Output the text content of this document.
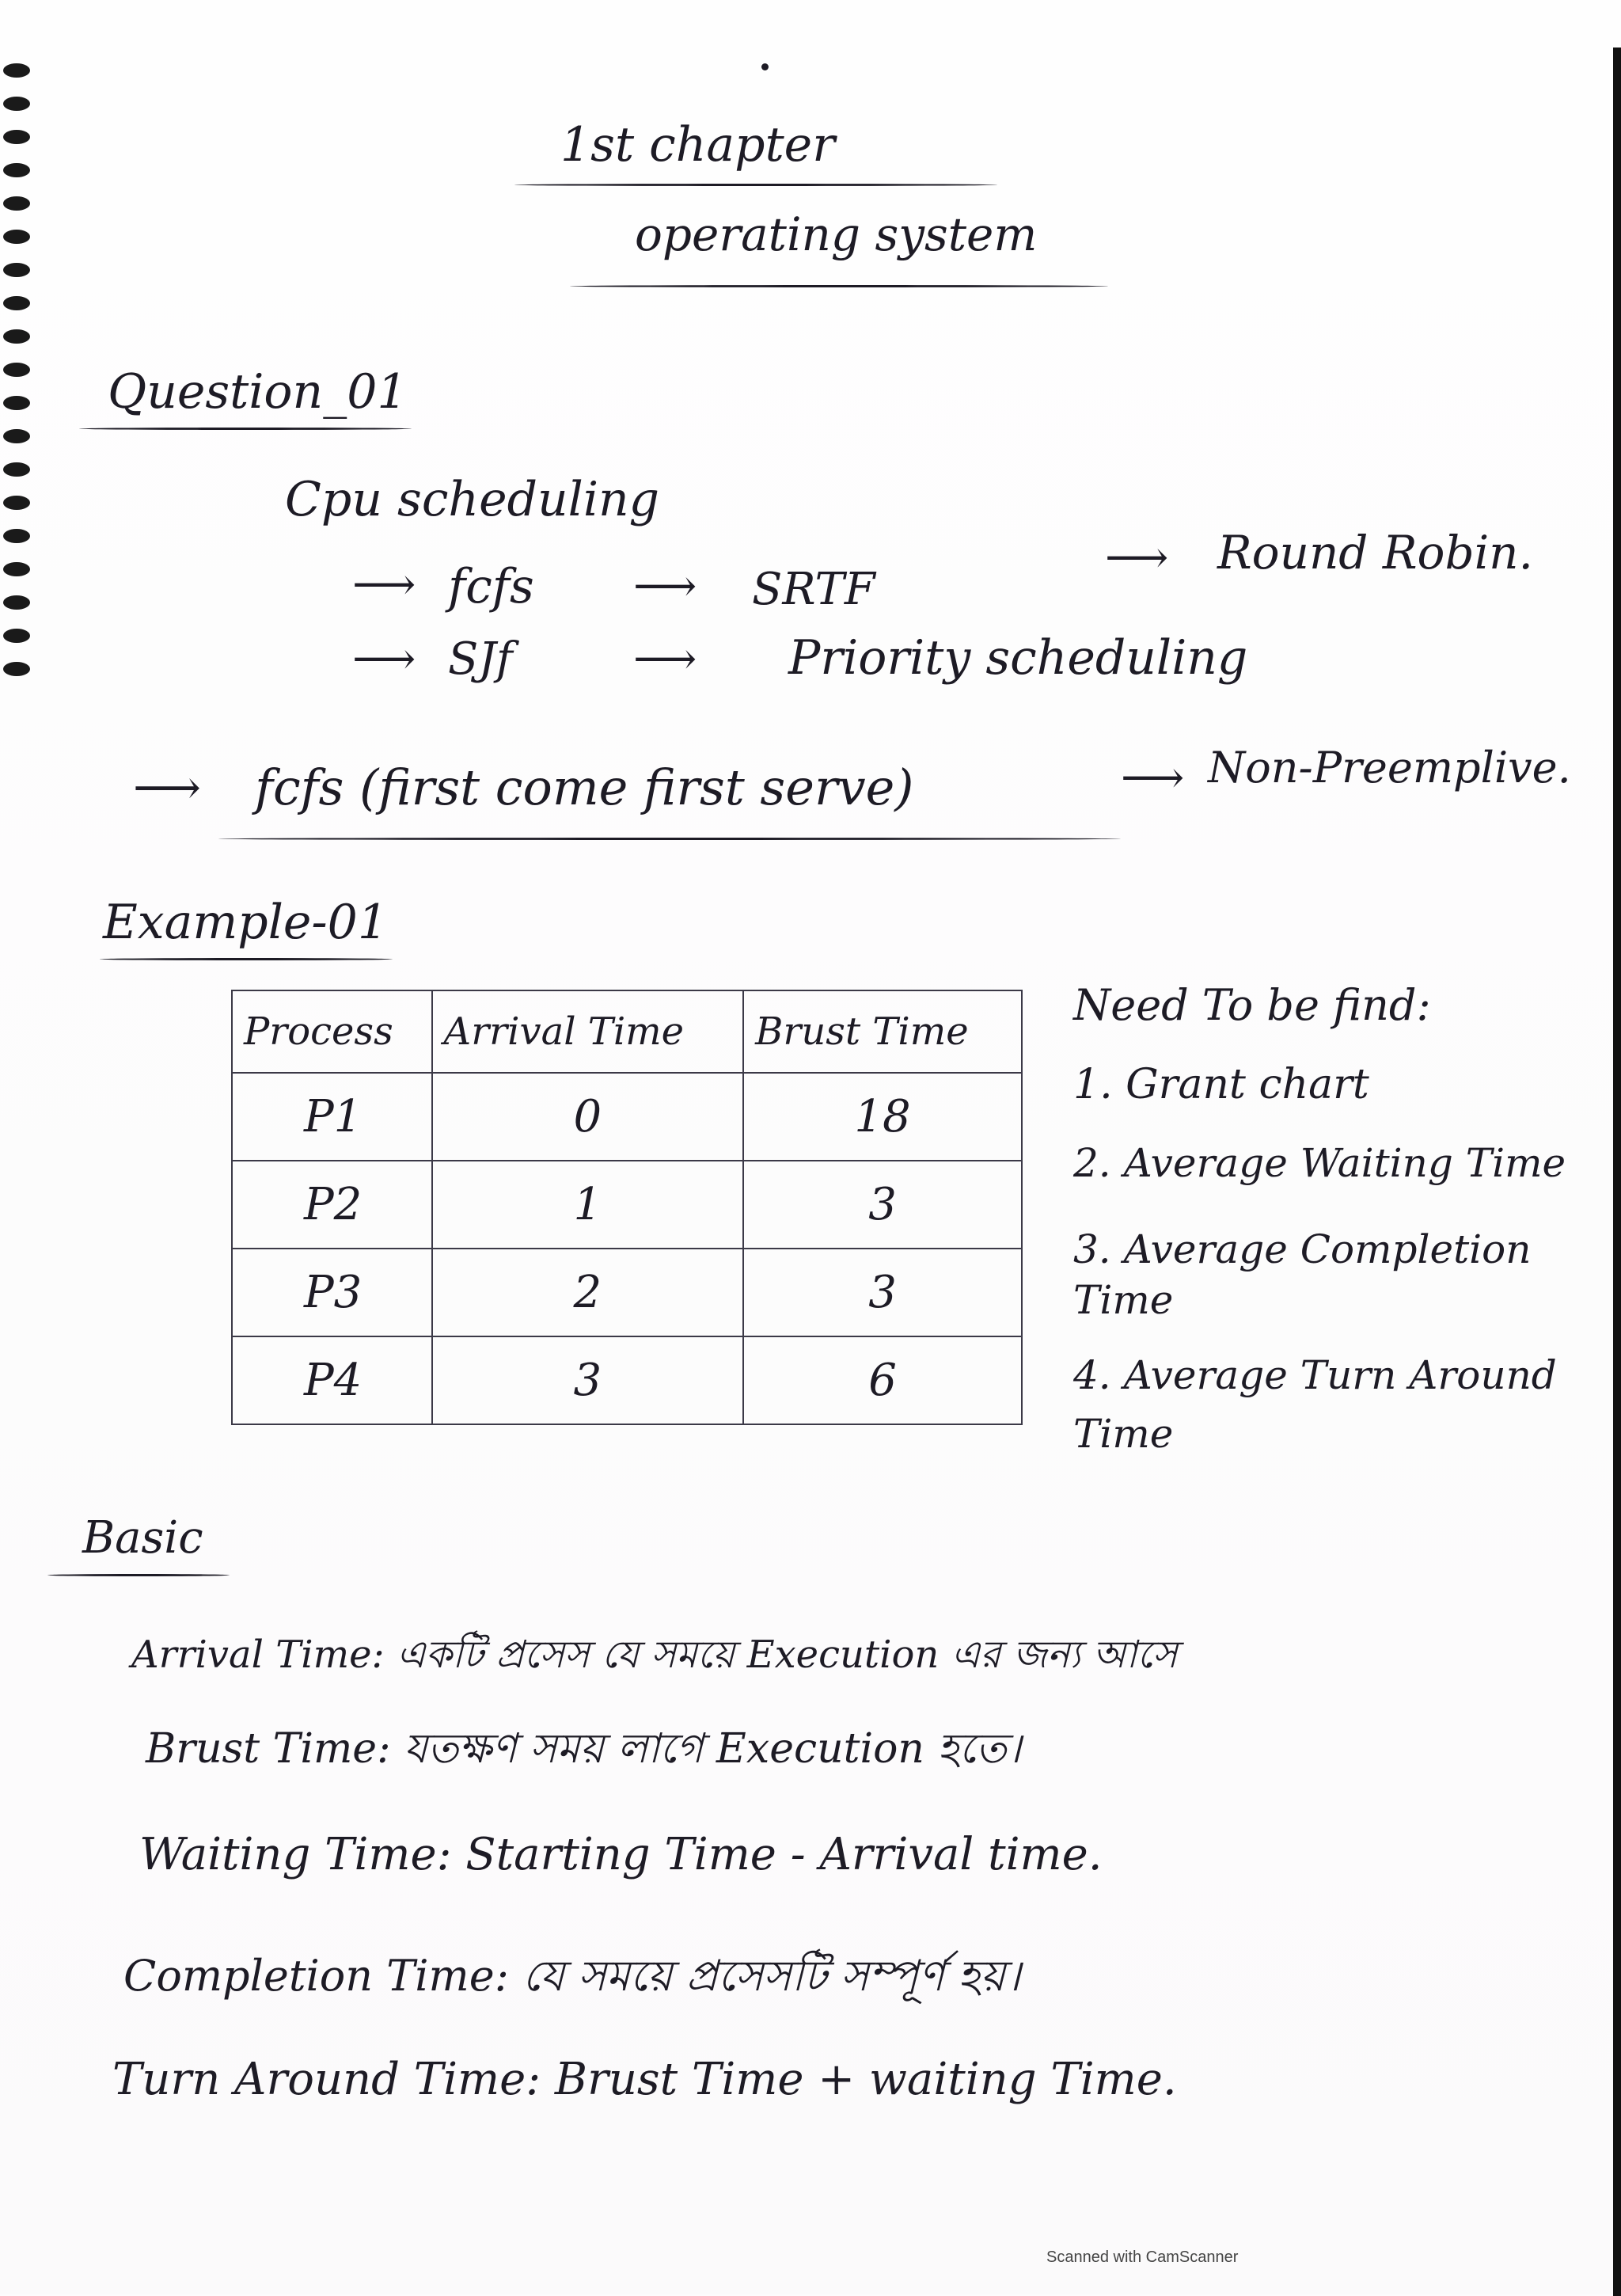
1st chapter
operating system
Question_01
Cpu scheduling
⟶ fcfs ⟶ SRTF
⟶ Round Robin.
⟶ SJf	⟶ Priority scheduling
⟶ fcfs (first come first serve)	⟶ Non-Preemplive.
Example-01
Process	Arrival Time	Brust Time
P1	0	18
P2	1	3
P3	2	3
P4	3	6
Need To be find:
1. Grant chart
2. Average Waiting Time
3. Average Completion Time
4. Average Turn Around Time
Basic
Arrival Time: একটি প্রসেস যে সময়ে Execution এর জন্য আসে
Brust Time: যতক্ষণ সময় লাগে Execution হতে।
Waiting Time: Starting Time - Arrival time.
Completion Time: যে সময়ে প্রসেসটি সম্পূর্ণ হয়।
Turn Around Time: Brust Time + waiting Time.
Scanned with CamScanner
